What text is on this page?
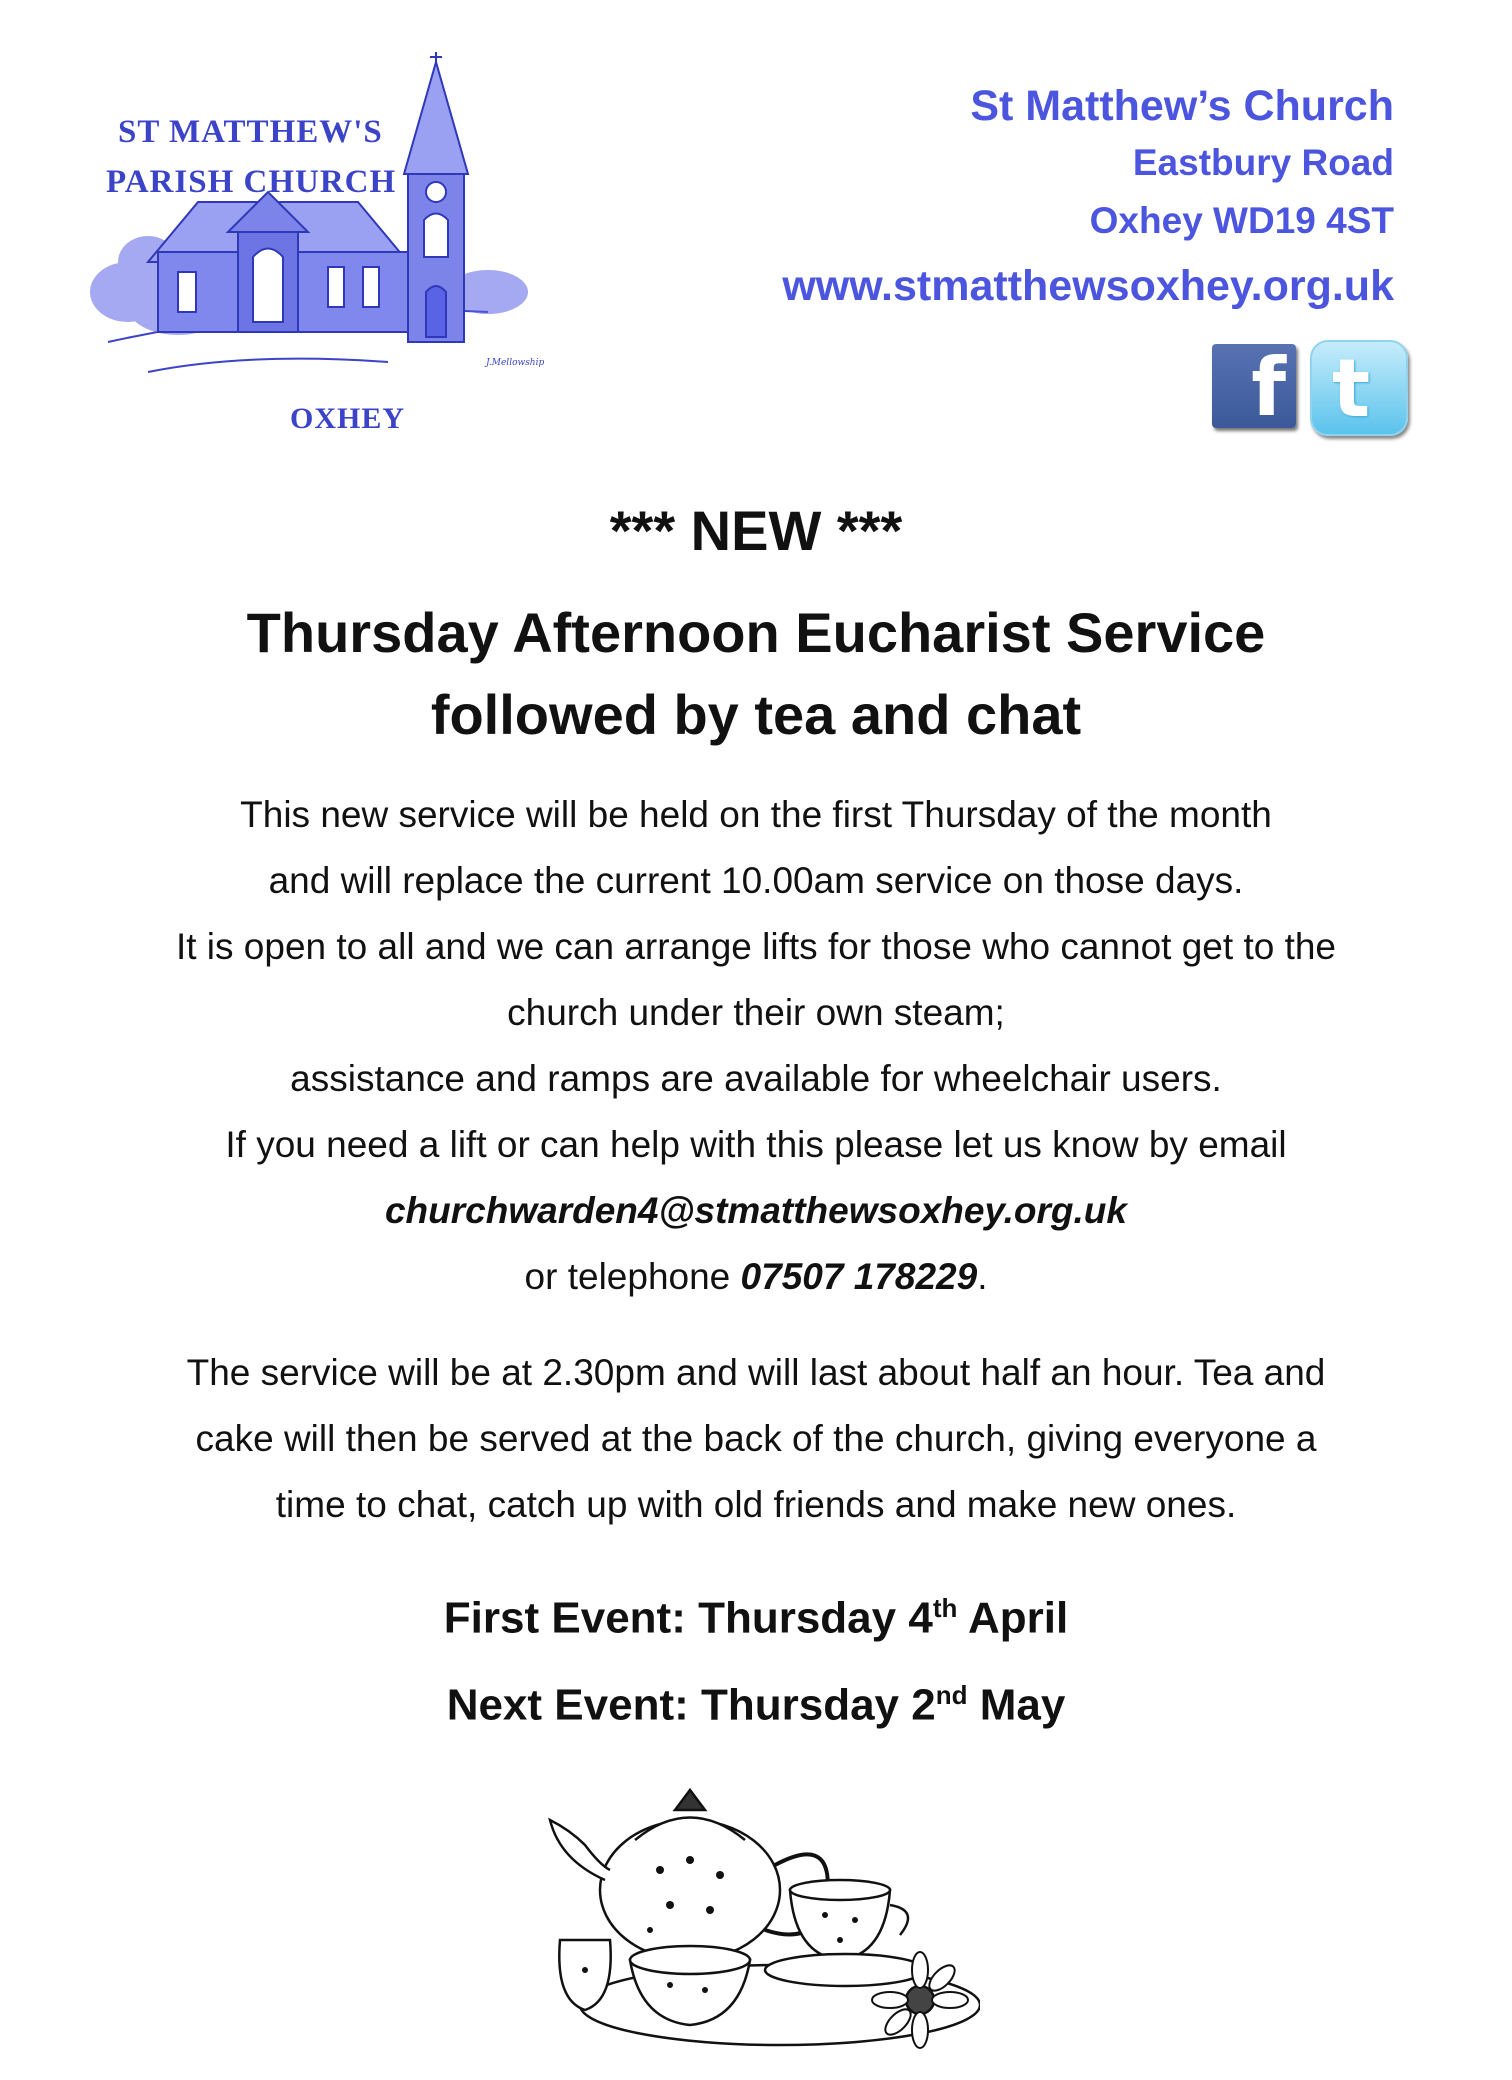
ST MATTHEW'S
PARISH CHURCH
OXHEY
J.Mellowship
St Matthew’s Church
Eastbury Road
Oxhey WD19 4ST
www.stmatthewsoxhey.org.uk
f t
*** NEW ***
Thursday Afternoon Eucharist Service
followed by tea and chat
This new service will be held on the first Thursday of the month
and will replace the current 10.00am service on those days.
It is open to all and we can arrange lifts for those who cannot get to the
church under their own steam;
assistance and ramps are available for wheelchair users.
If you need a lift or can help with this please let us know by email
churchwarden4@stmatthewsoxhey.org.uk
or telephone 07507 178229.
The service will be at 2.30pm and will last about half an hour. Tea and
cake will then be served at the back of the church, giving everyone a
time to chat, catch up with old friends and make new ones.
First Event: Thursday 4th April
Next Event: Thursday 2nd May
